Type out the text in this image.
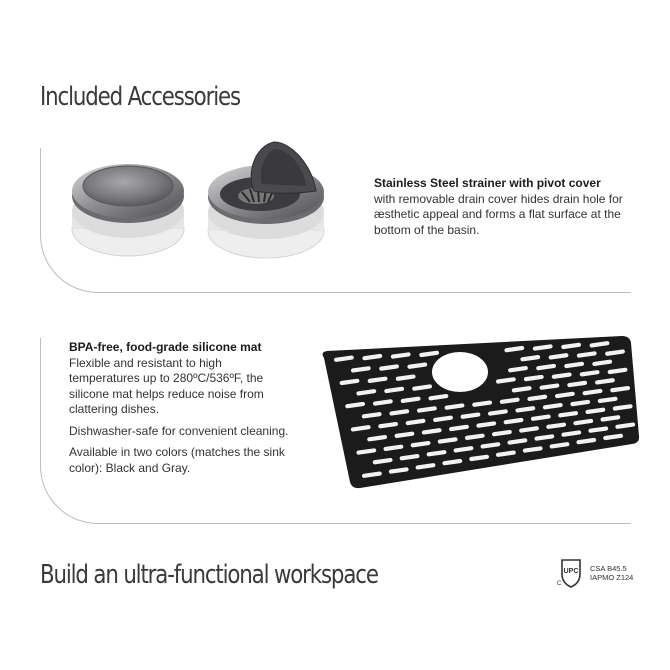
Included Accessories

Stainless Steel strainer with pivot cover

with removable drain cover hides drain hole for æsthetic appeal and forms a flat surface at the bottom of the basin.

BPA-free, food-grade silicone mat

Flexible and resistant to high temperatures up to 280ºC/536ºF, the silicone mat helps reduce noise from clattering dishes.

Dishwasher-safe for convenient cleaning.

Available in two colors (matches the sink color): Black and Gray.

Build an ultra-functional workspace	UPC
C
CSA B45.5
IAPMO Z124
